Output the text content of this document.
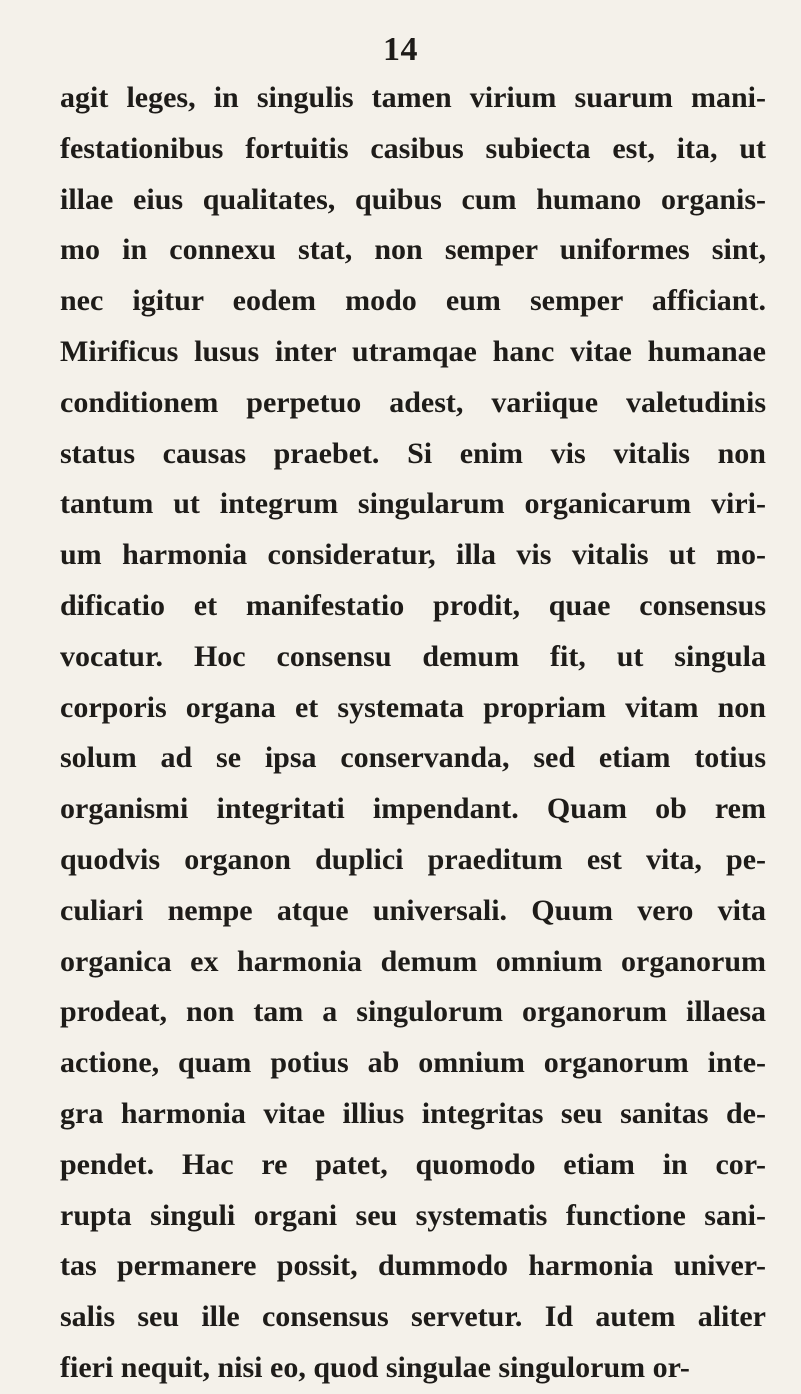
14
agit leges, in singulis tamen virium suarum mani-
festationibus fortuitis casibus subiecta est, ita, ut
illae eius qualitates, quibus cum humano organis-
mo in connexu stat, non semper uniformes sint,
nec igitur eodem modo eum semper afficiant.
Mirificus lusus inter utramqae hanc vitae humanae
conditionem perpetuo adest, variique valetudinis
status causas praebet. Si enim vis vitalis non
tantum ut integrum singularum organicarum viri-
um harmonia consideratur, illa vis vitalis ut mo-
dificatio et manifestatio prodit, quae consensus
vocatur. Hoc consensu demum fit, ut singula
corporis organa et systemata propriam vitam non
solum ad se ipsa conservanda, sed etiam totius
organismi integritati impendant. Quam ob rem
quodvis organon duplici praeditum est vita, pe-
culiari nempe atque universali. Quum vero vita
organica ex harmonia demum omnium organorum
prodeat, non tam a singulorum organorum illaesa
actione, quam potius ab omnium organorum inte-
gra harmonia vitae illius integritas seu sanitas de-
pendet. Hac re patet, quomodo etiam in cor-
rupta singuli organi seu systematis functione sani-
tas permanere possit, dummodo harmonia univer-
salis seu ille consensus servetur. Id autem aliter
fieri nequit, nisi eo, quod singulae singulorum or-
